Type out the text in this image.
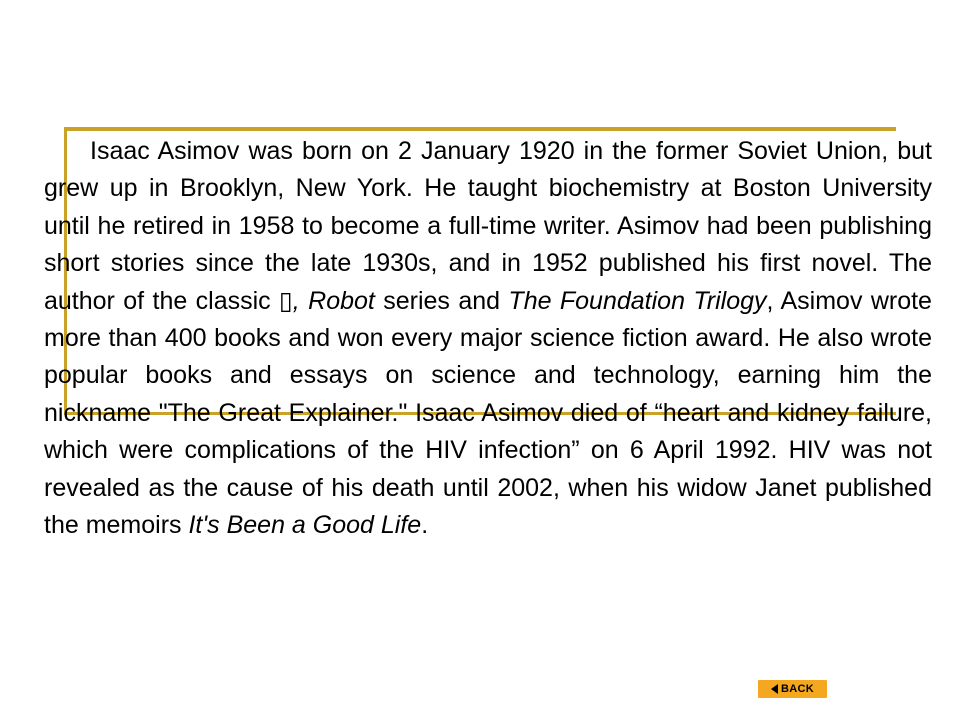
Isaac Asimov was born on 2 January 1920 in the former Soviet Union, but grew up in Brooklyn, New York. He taught biochemistry at Boston University until he retired in 1958 to become a full-time writer. Asimov had been publishing short stories since the late 1930s, and in 1952 published his first novel. The author of the classic ▯, Robot series and The Foundation Trilogy, Asimov wrote more than 400 books and won every major science fiction award. He also wrote popular books and essays on science and technology, earning him the nickname "The Great Explainer." Isaac Asimov died of “heart and kidney failure, which were complications of the HIV infection” on 6 April 1992. HIV was not revealed as the cause of his death until 2002, when his widow Janet published the memoirs It's Been a Good Life.

BACK
